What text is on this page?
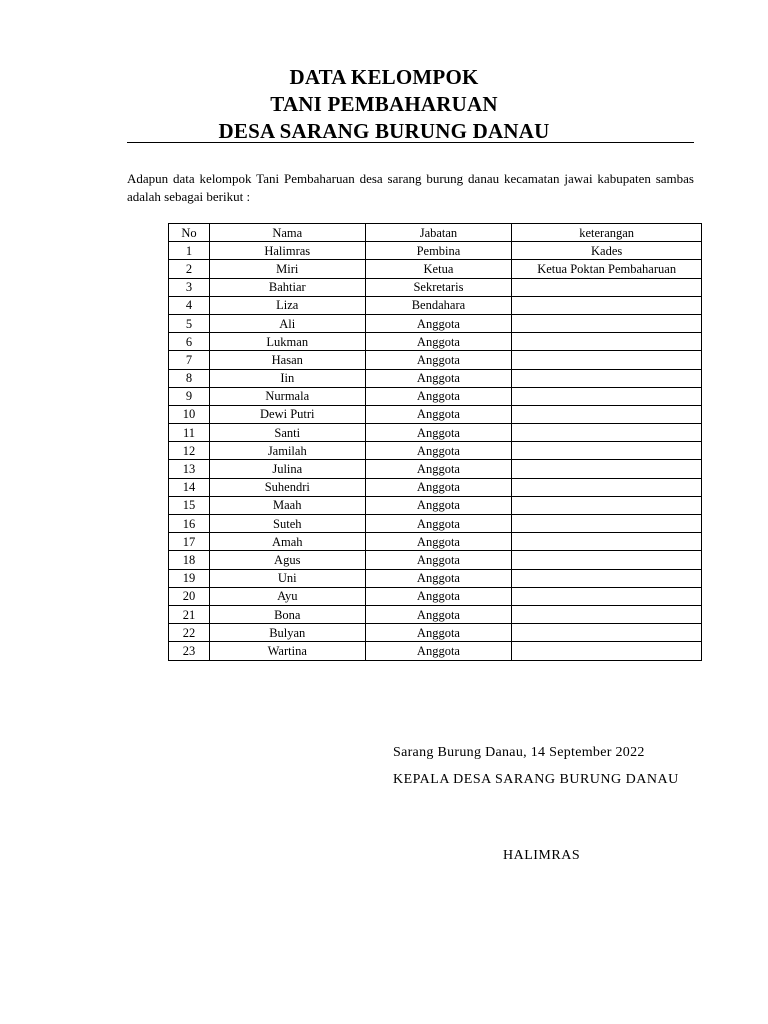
DATA KELOMPOK
TANI PEMBAHARUAN
DESA SARANG BURUNG DANAU
Adapun data kelompok Tani Pembaharuan desa sarang burung danau kecamatan jawai kabupaten sambas adalah sebagai berikut :
No	Nama	Jabatan	keterangan
1	Halimras	Pembina	Kades
2	Miri	Ketua	Ketua Poktan Pembaharuan
3	Bahtiar	Sekretaris	
4	Liza	Bendahara	
5	Ali	Anggota	
6	Lukman	Anggota	
7	Hasan	Anggota	
8	Iin	Anggota	
9	Nurmala	Anggota	
10	Dewi Putri	Anggota	
11	Santi	Anggota	
12	Jamilah	Anggota	
13	Julina	Anggota	
14	Suhendri	Anggota	
15	Maah	Anggota	
16	Suteh	Anggota	
17	Amah	Anggota	
18	Agus	Anggota	
19	Uni	Anggota	
20	Ayu	Anggota	
21	Bona	Anggota	
22	Bulyan	Anggota	
23	Wartina	Anggota	
Sarang Burung Danau, 14 September 2022
KEPALA DESA SARANG BURUNG DANAU
HALIMRAS
